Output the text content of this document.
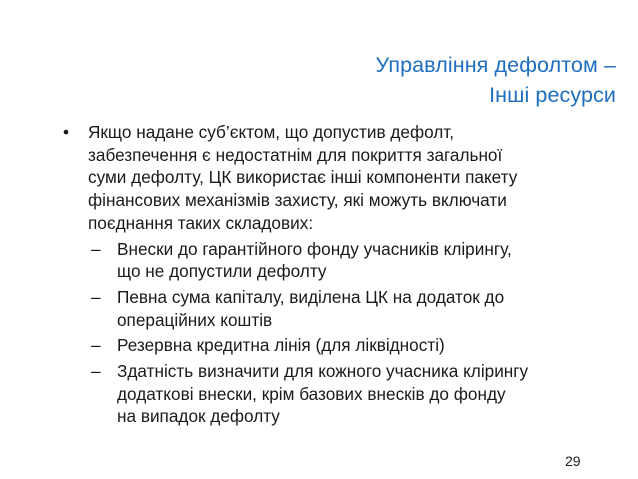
Управління дефолтом –
Інші ресурси
• Якщо надане суб’єктом, що допустив дефолт,
забезпечення є недостатнім для покриття загальної
суми дефолту, ЦК використає інші компоненти пакету
фінансових механізмів захисту, які можуть включати
поєднання таких складових:
– Внески до гарантійного фонду учасників клірингу,
що не допустили дефолту
– Певна сума капіталу, виділена ЦК на додаток до
операційних коштів
– Резервна кредитна лінія (для ліквідності)
– Здатність визначити для кожного учасника клірингу
додаткові внески, крім базових внесків до фонду
на випадок дефолту
29
